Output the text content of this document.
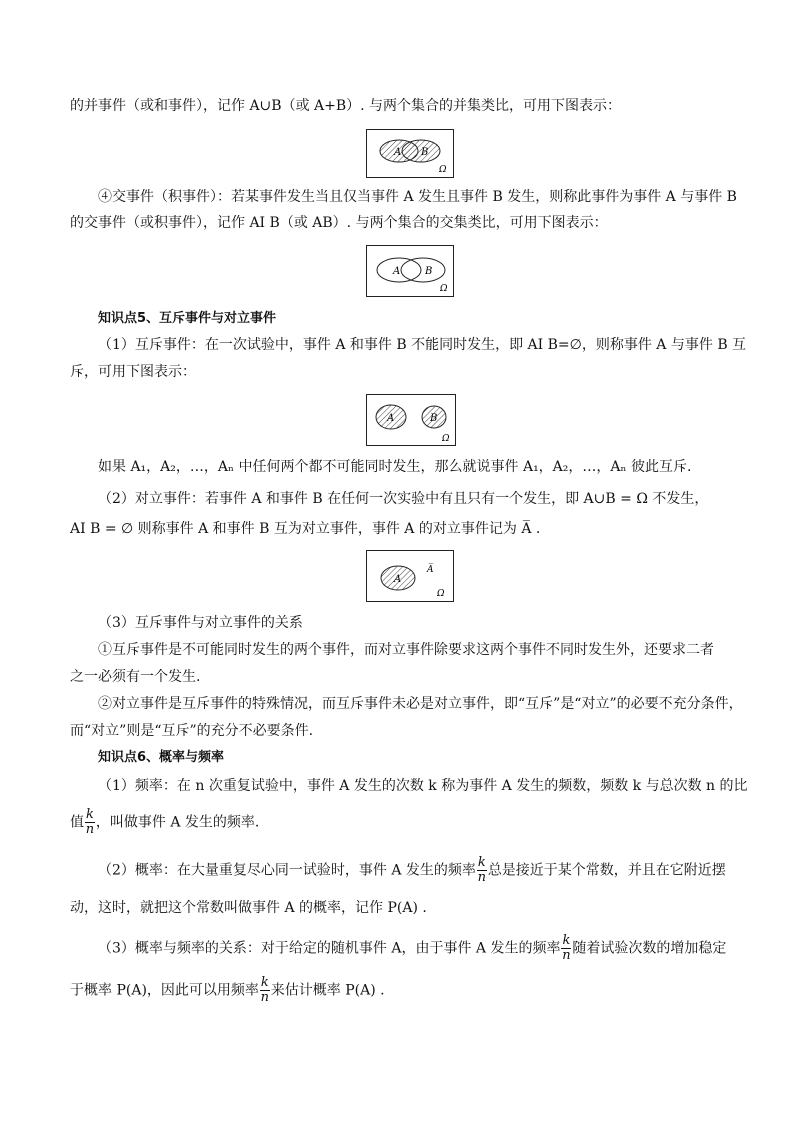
的并事件（或和事件），记作 A∪B（或 A+B）. 与两个集合的并集类比，可用下图表示：
A B
Ω
④交事件（积事件）：若某事件发生当且仅当事件 A 发生且事件 B 发生，则称此事件为事件 A 与事件 B
的交事件（或积事件），记作 AI B（或 AB）. 与两个集合的交集类比，可用下图表示：
A B
Ω
知识点5、互斥事件与对立事件
（1）互斥事件：在一次试验中，事件 A 和事件 B 不能同时发生，即 AI B=∅，则称事件 A 与事件 B 互
斥，可用下图表示：
A	B
Ω
如果 A₁，A₂，…，Aₙ 中任何两个都不可能同时发生，那么就说事件 A₁，A₂，…，Aₙ 彼此互斥.
（2）对立事件：若事件 A 和事件 B 在任何一次实验中有且只有一个发生，即 A∪B = Ω 不发生，
AI B = ∅ 则称事件 A 和事件 B 互为对立事件，事件 A 的对立事件记为 A̅ .
A
A̅
Ω
（3）互斥事件与对立事件的关系
①互斥事件是不可能同时发生的两个事件，而对立事件除要求这两个事件不同时发生外，还要求二者
之一必须有一个发生.
②对立事件是互斥事件的特殊情况，而互斥事件未必是对立事件，即“互斥”是“对立”的必要不充分条件，
而“对立”则是“互斥”的充分不必要条件.
知识点6、概率与频率
（1）频率：在 n 次重复试验中，事件 A 发生的次数 k 称为事件 A 发生的频数，频数 k 与总次数 n 的比
值 $\frac{k}{n}$ ，叫做事件 A 发生的频率.
（2）概率：在大量重复尽心同一试验时，事件 A 发生的频率 $\frac{k}{n}$ 总是接近于某个常数，并且在它附近摆
动，这时，就把这个常数叫做事件 A 的概率，记作 P(A) .
（3）概率与频率的关系：对于给定的随机事件 A，由于事件 A 发生的频率 $\frac{k}{n}$ 随着试验次数的增加稳定
于概率 P(A)，因此可以用频率 $\frac{k}{n}$ 来估计概率 P(A) .
